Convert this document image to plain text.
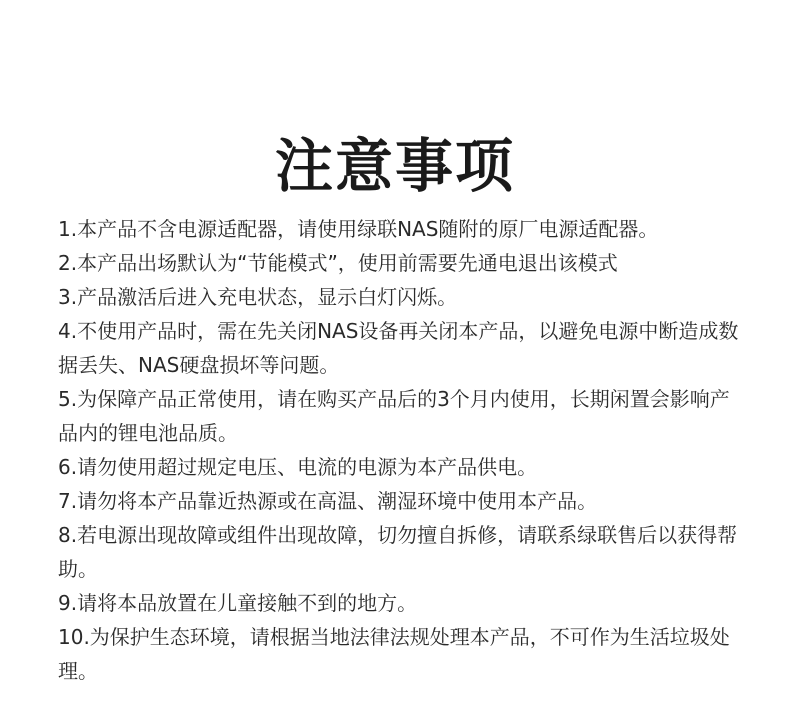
注意事项
1.本产品不含电源适配器，请使用绿联NAS随附的原厂电源适配器。
2.本产品出场默认为“节能模式”，使用前需要先通电退出该模式
3.产品激活后进入充电状态，显示白灯闪烁。
4.不使用产品时，需在先关闭NAS设备再关闭本产品，以避免电源中断造成数据丢失、NAS硬盘损坏等问题。
5.为保障产品正常使用，请在购买产品后的3个月内使用，长期闲置会影响产品内的锂电池品质。
6.请勿使用超过规定电压、电流的电源为本产品供电。
7.请勿将本产品靠近热源或在高温、潮湿环境中使用本产品。
8.若电源出现故障或组件出现故障，切勿擅自拆修，请联系绿联售后以获得帮助。
9.请将本品放置在儿童接触不到的地方。
10.为保护生态环境，请根据当地法律法规处理本产品，不可作为生活垃圾处理。
